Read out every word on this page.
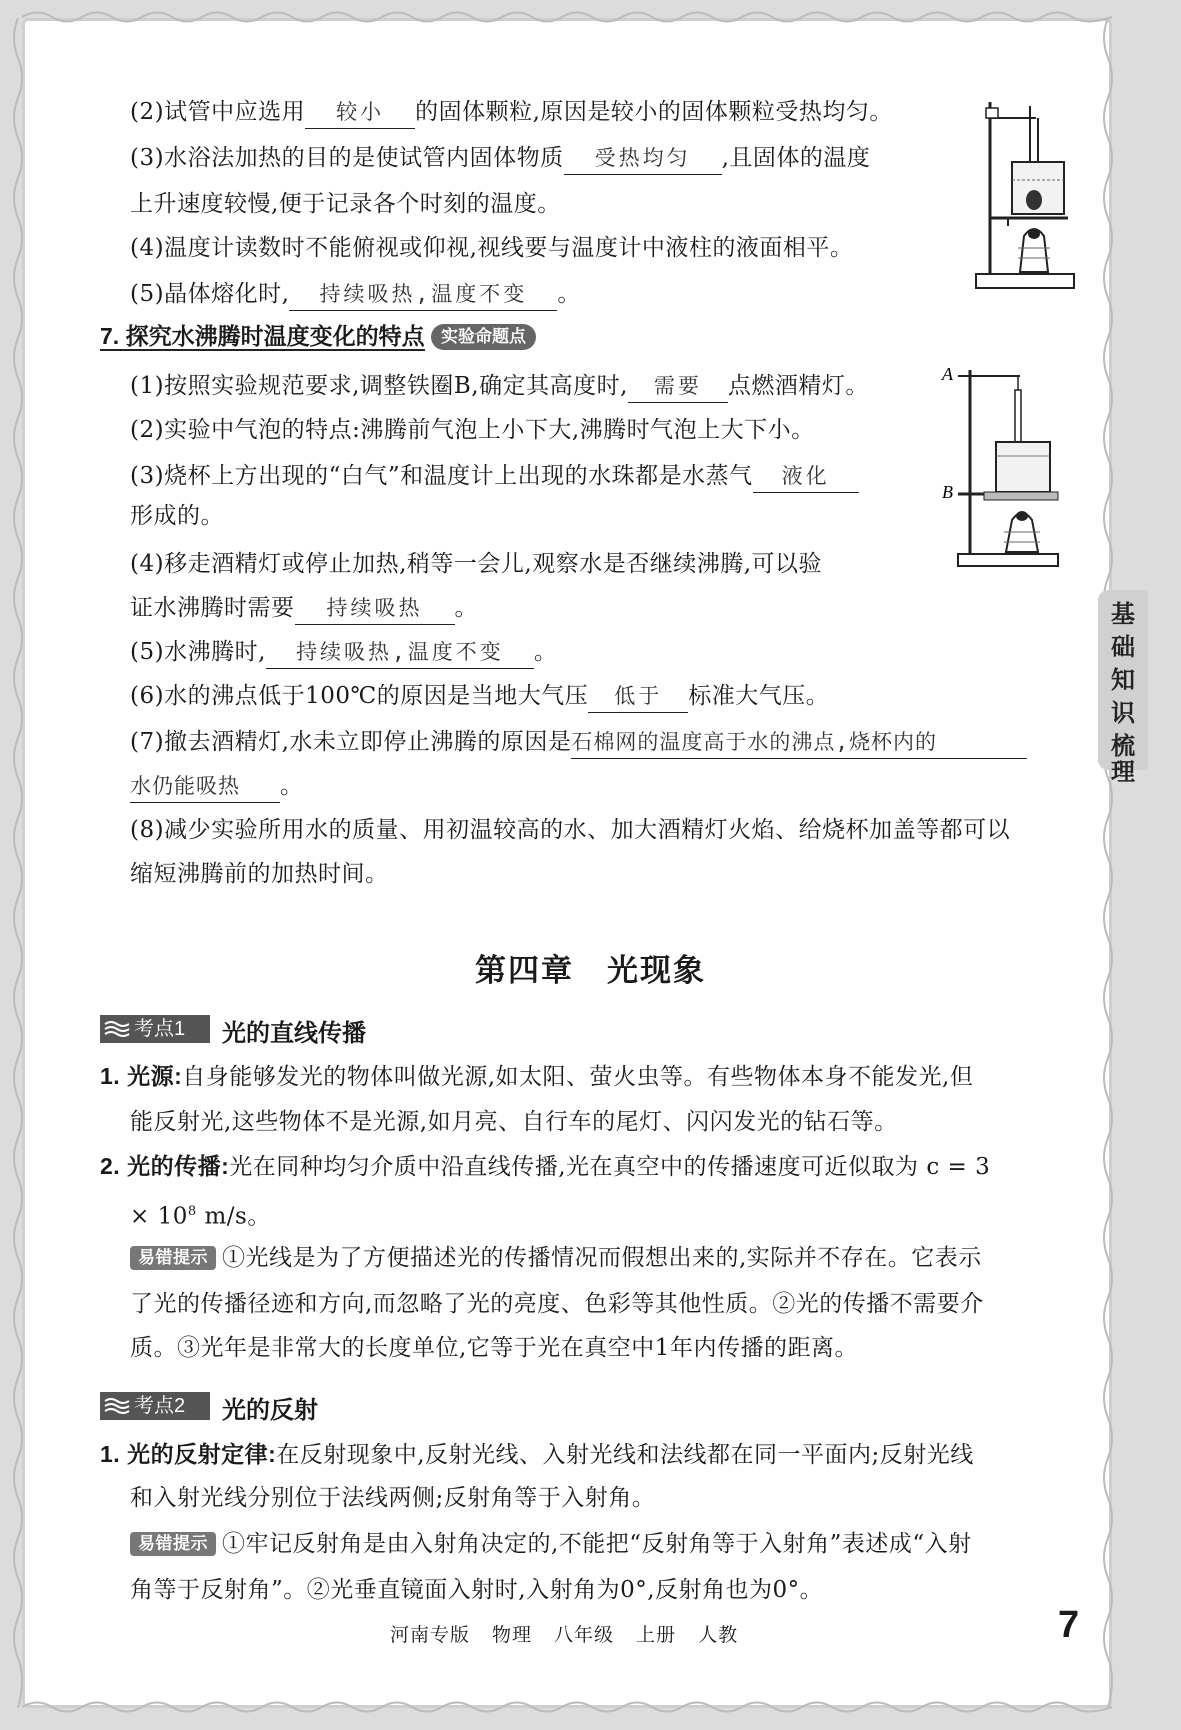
(2)试管中应选用 较小 的固体颗粒,原因是较小的固体颗粒受热均匀。
(3)水浴法加热的目的是使试管内固体物质 受热均匀 ,且固体的温度
上升速度较慢,便于记录各个时刻的温度。
(4)温度计读数时不能俯视或仰视,视线要与温度计中液柱的液面相平。
(5)晶体熔化时, 持续吸热,温度不变 。
7. 探究水沸腾时温度变化的特点 实验命题点
(1)按照实验规范要求,调整铁圈B,确定其高度时, 需要 点燃酒精灯。
(2)实验中气泡的特点:沸腾前气泡上小下大,沸腾时气泡上大下小。
(3)烧杯上方出现的“白气”和温度计上出现的水珠都是水蒸气 液化
形成的。
(4)移走酒精灯或停止加热,稍等一会儿,观察水是否继续沸腾,可以验
证水沸腾时需要 持续吸热 。
(5)水沸腾时, 持续吸热,温度不变 。
(6)水的沸点低于100℃的原因是当地大气压 低于 标准大气压。
(7)撤去酒精灯,水未立即停止沸腾的原因是石棉网的温度高于水的沸点,烧杯内的
水仍能吸热 。
(8)减少实验所用水的质量、用初温较高的水、加大酒精灯火焰、给烧杯加盖等都可以
缩短沸腾前的加热时间。
A
B
第四章　光现象
考点1 光的直线传播
1. 光源:自身能够发光的物体叫做光源,如太阳、萤火虫等。有些物体本身不能发光,但
能反射光,这些物体不是光源,如月亮、自行车的尾灯、闪闪发光的钻石等。
2. 光的传播:光在同种均匀介质中沿直线传播,光在真空中的传播速度可近似取为 c = 3
× $10^8$ m/s。
易错提示 ①光线是为了方便描述光的传播情况而假想出来的,实际并不存在。它表示
了光的传播径迹和方向,而忽略了光的亮度、色彩等其他性质。②光的传播不需要介
质。③光年是非常大的长度单位,它等于光在真空中1年内传播的距离。
考点2 光的反射
1. 光的反射定律:在反射现象中,反射光线、入射光线和法线都在同一平面内;反射光线
和入射光线分别位于法线两侧;反射角等于入射角。
易错提示 ①牢记反射角是由入射角决定的,不能把“反射角等于入射角”表述成“入射
角等于反射角”。②光垂直镜面入射时,入射角为0°,反射角也为0°。
基
础
知
识
梳
理
河南专版 物理 八年级 上册 人教	7
